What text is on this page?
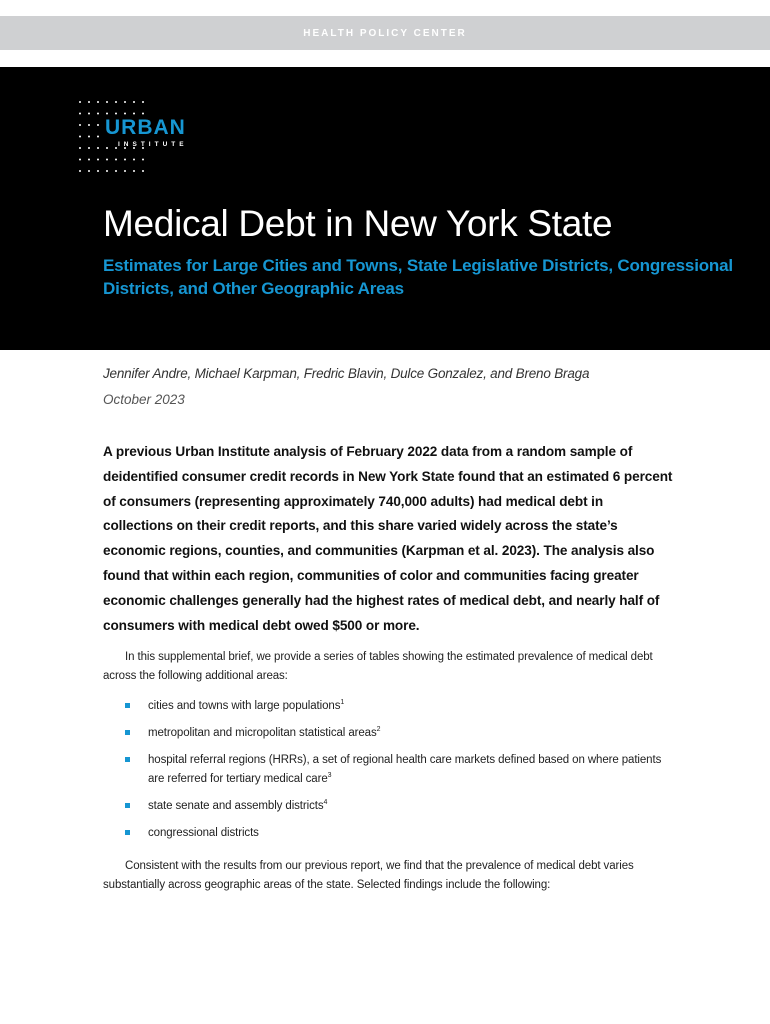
HEALTH POLICY CENTER
URBAN
INSTITUTE
Medical Debt in New York State

Estimates for Large Cities and Towns, State Legislative Districts, Congressional Districts, and Other Geographic Areas

Jennifer Andre, Michael Karpman, Fredric Blavin, Dulce Gonzalez, and Breno Braga

October 2023

A previous Urban Institute analysis of February 2022 data from a random sample of deidentified consumer credit records in New York State found that an estimated 6 percent of consumers (representing approximately 740,000 adults) had medical debt in collections on their credit reports, and this share varied widely across the state’s economic regions, counties, and communities (Karpman et al. 2023). The analysis also found that within each region, communities of color and communities facing greater economic challenges generally had the highest rates of medical debt, and nearly half of consumers with medical debt owed $500 or more.

In this supplemental brief, we provide a series of tables showing the estimated prevalence of medical debt across the following additional areas:

cities and towns with large populations$^1$
metropolitan and micropolitan statistical areas$^2$
hospital referral regions (HRRs), a set of regional health care markets defined based on where patients are referred for tertiary medical care$^3$
state senate and assembly districts$^4$
congressional districts

Consistent with the results from our previous report, we find that the prevalence of medical debt varies substantially across geographic areas of the state. Selected findings include the following:
